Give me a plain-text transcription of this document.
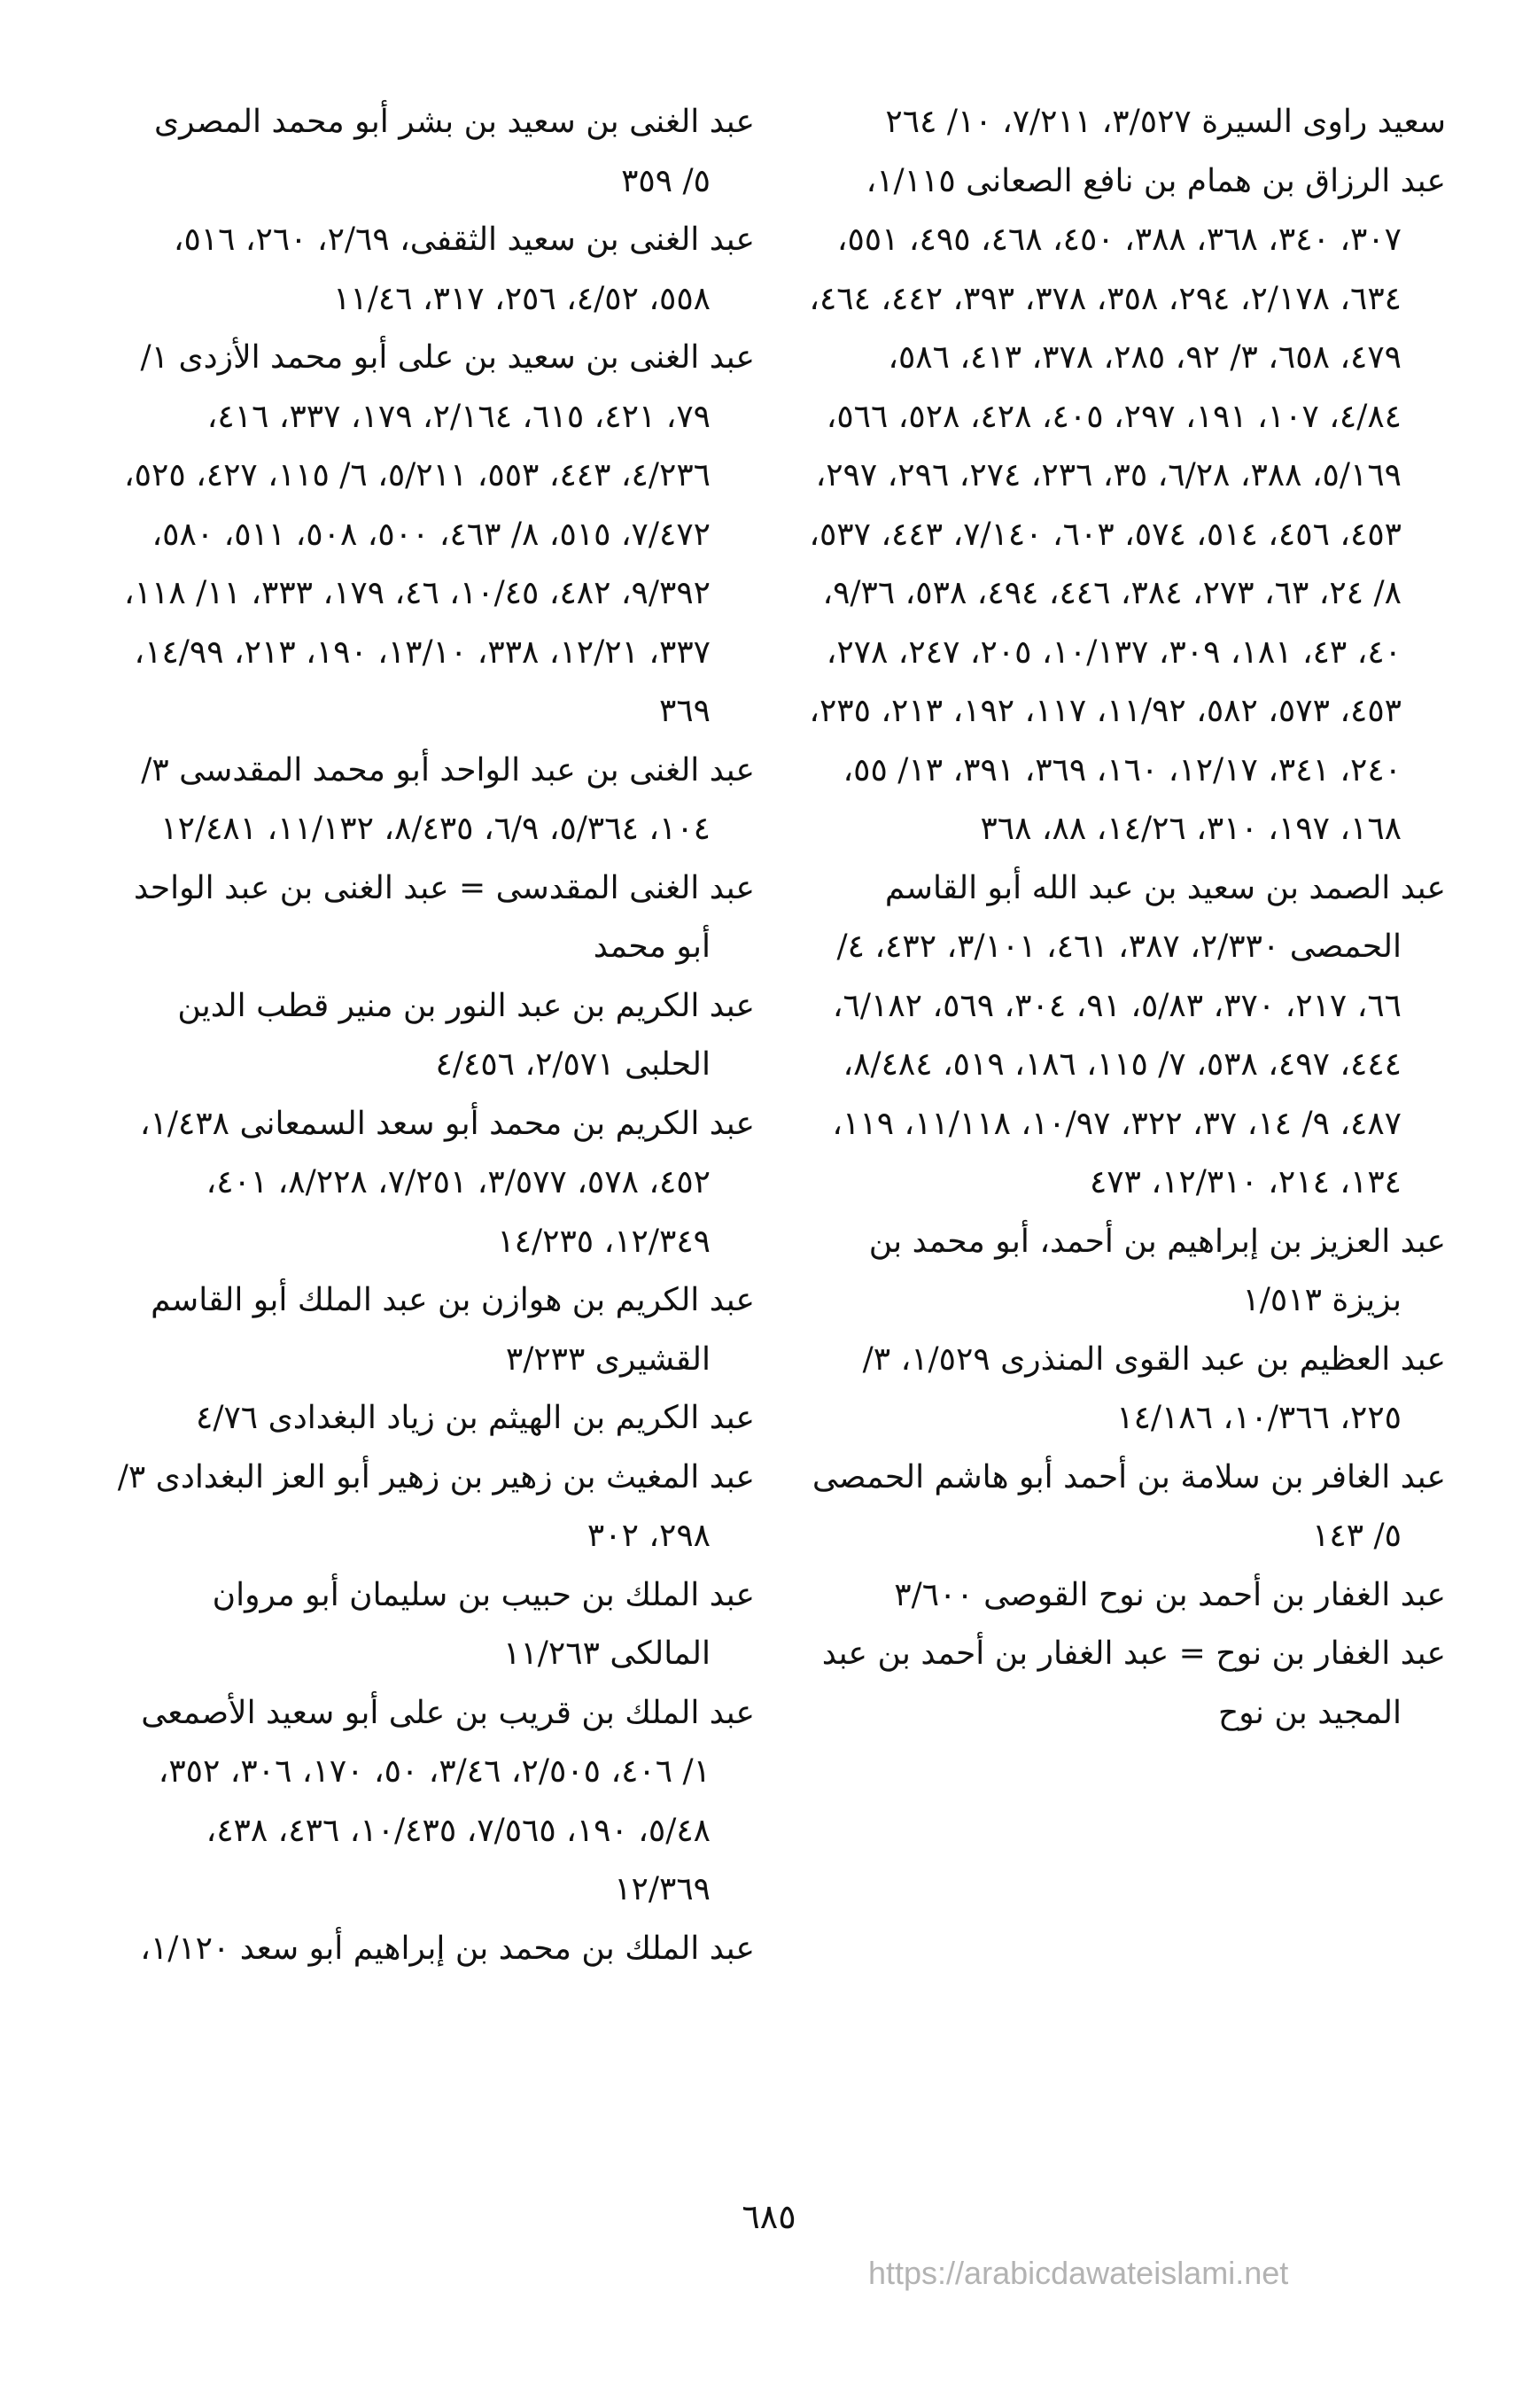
سعيد راوى السيرة ٣/٥٢٧، ٧/٢١١، ١٠/ ٢٦٤

عبد الرزاق بن همام بن نافع الصعانى ١/١١٥، ٣٠٧، ٣٤٠، ٣٦٨، ٣٨٨، ٤٥٠، ٤٦٨، ٤٩٥، ٥٥١، ٦٣٤، ٢/١٧٨، ٢٩٤، ٣٥٨، ٣٧٨، ٣٩٣، ٤٤٢، ٤٦٤، ٤٧٩، ٦٥٨، ٣/ ٩٢، ٢٨٥، ٣٧٨، ٤١٣، ٥٨٦، ٤/٨٤، ١٠٧، ١٩١، ٢٩٧، ٤٠٥، ٤٢٨، ٥٢٨، ٥٦٦، ٥/١٦٩، ٣٨٨، ٦/٢٨، ٣٥، ٢٣٦، ٢٧٤، ٢٩٦، ٢٩٧، ٤٥٣، ٤٥٦، ٥١٤، ٥٧٤، ٦٠٣، ٧/١٤٠، ٤٤٣، ٥٣٧، ٨/ ٢٤، ٦٣، ٢٧٣، ٣٨٤، ٤٤٦، ٤٩٤، ٥٣٨، ٩/٣٦، ٤٠، ٤٣، ١٨١، ٣٠٩، ١٠/١٣٧، ٢٠٥، ٢٤٧، ٢٧٨، ٤٥٣، ٥٧٣، ٥٨٢، ١١/٩٢، ١١٧، ١٩٢، ٢١٣، ٢٣٥، ٢٤٠، ٣٤١، ١٢/١٧، ١٦٠، ٣٦٩، ٣٩١، ١٣/ ٥٥، ١٦٨، ١٩٧، ٣١٠، ١٤/٢٦، ٨٨، ٣٦٨

عبد الصمد بن سعيد بن عبد الله أبو القاسم الحمصى ٢/٣٣٠، ٣٨٧، ٤٦١، ٣/١٠١، ٤٣٢، ٤/ ٦٦، ٢١٧، ٣٧٠، ٥/٨٣، ٩١، ٣٠٤، ٥٦٩، ٦/١٨٢، ٤٤٤، ٤٩٧، ٥٣٨، ٧/ ١١٥، ١٨٦، ٥١٩، ٨/٤٨٤، ٤٨٧، ٩/ ١٤، ٣٧، ٣٢٢، ١٠/٩٧، ١١/١١٨، ١١٩، ١٣٤، ٢١٤، ١٢/٣١٠، ٤٧٣

عبد العزيز بن إبراهيم بن أحمد، أبو محمد بن بزيزة ١/٥١٣

عبد العظيم بن عبد القوى المنذرى ١/٥٢٩، ٣/ ٢٢٥، ١٠/٣٦٦، ١٤/١٨٦

عبد الغافر بن سلامة بن أحمد أبو هاشم الحمصى ٥/ ١٤٣

عبد الغفار بن أحمد بن نوح القوصى ٣/٦٠٠

عبد الغفار بن نوح = عبد الغفار بن أحمد بن عبد المجيد بن نوح

عبد الغنى بن سعيد بن بشر أبو محمد المصرى ٥/ ٣٥٩

عبد الغنى بن سعيد الثقفى، ٢/٦٩، ٢٦٠، ٥١٦، ٥٥٨، ٤/٥٢، ٢٥٦، ٣١٧، ١١/٤٦

عبد الغنى بن سعيد بن على أبو محمد الأزدى ١/ ٧٩، ٤٢١، ٦١٥، ٢/١٦٤، ١٧٩، ٣٣٧، ٤١٦، ٤/٢٣٦، ٤٤٣، ٥٥٣، ٥/٢١١، ٦/ ١١٥، ٤٢٧، ٥٢٥، ٧/٤٧٢، ٥١٥، ٨/ ٤٦٣، ٥٠٠، ٥٠٨، ٥١١، ٥٨٠، ٩/٣٩٢، ٤٨٢، ١٠/٤٥، ٤٦، ١٧٩، ٣٣٣، ١١/ ١١٨، ٣٣٧، ١٢/٢١، ٣٣٨، ١٣/١٠، ١٩٠، ٢١٣، ١٤/٩٩، ٣٦٩

عبد الغنى بن عبد الواحد أبو محمد المقدسى ٣/ ١٠٤، ٥/٣٦٤، ٦/٩، ٨/٤٣٥، ١١/١٣٢، ١٢/٤٨١

عبد الغنى المقدسى = عبد الغنى بن عبد الواحد أبو محمد

عبد الكريم بن عبد النور بن منير قطب الدين الحلبى ٢/٥٧١، ٤/٤٥٦

عبد الكريم بن محمد أبو سعد السمعانى ١/٤٣٨، ٤٥٢، ٥٧٨، ٣/٥٧٧، ٧/٢٥١، ٨/٢٢٨، ٤٠١، ١٢/٣٤٩، ١٤/٢٣٥

عبد الكريم بن هوازن بن عبد الملك أبو القاسم القشيرى ٣/٢٣٣

عبد الكريم بن الهيثم بن زياد البغدادى ٤/٧٦

عبد المغيث بن زهير بن زهير أبو العز البغدادى ٣/ ٢٩٨، ٣٠٢

عبد الملك بن حبيب بن سليمان أبو مروان المالكى ١١/٢٦٣

عبد الملك بن قريب بن على أبو سعيد الأصمعى ١/ ٤٠٦، ٢/٥٠٥، ٣/٤٦، ٥٠، ١٧٠، ٣٠٦، ٣٥٢، ٥/٤٨، ١٩٠، ٧/٥٦٥، ١٠/٤٣٥، ٤٣٦، ٤٣٨، ١٢/٣٦٩

عبد الملك بن محمد بن إبراهيم أبو سعد ١/١٢٠،

٦٨٥
https://arabicdawateislami.net
